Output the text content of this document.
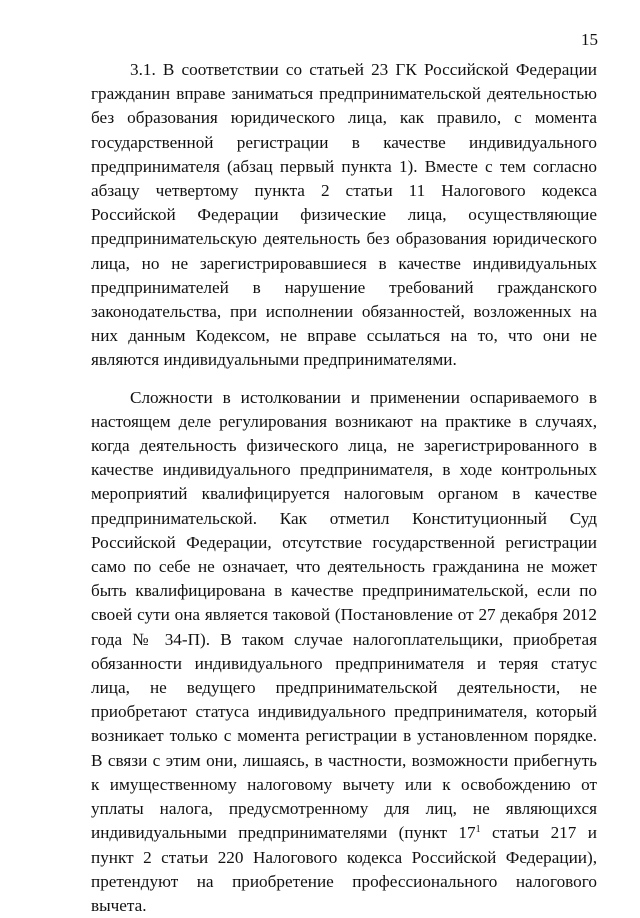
15

3.1. В соответствии со статьей 23 ГК Российской Федерации гражданин вправе заниматься предпринимательской деятельностью без образования юридического лица, как правило, с момента государственной регистрации в качестве индивидуального предпринимателя (абзац первый пункта 1). Вместе с тем согласно абзацу четвертому пункта 2 статьи 11 Налогового кодекса Российской Федерации физические лица, осуществляющие предпринимательскую деятельность без образования юридического лица, но не зарегистрировавшиеся в качестве индивидуальных предпринимателей в нарушение требований гражданского законодательства, при исполнении обязанностей, возложенных на них данным Кодексом, не вправе ссылаться на то, что они не являются индивидуальными предпринимателями.

Сложности в истолковании и применении оспариваемого в настоящем деле регулирования возникают на практике в случаях, когда деятельность физического лица, не зарегистрированного в качестве индивидуального предпринимателя, в ходе контрольных мероприятий квалифицируется налоговым органом в качестве предпринимательской. Как отметил Конституционный Суд Российской Федерации, отсутствие государственной регистрации само по себе не означает, что деятельность гражданина не может быть квалифицирована в качестве предпринимательской, если по своей сути она является таковой (Постановление от 27 декабря 2012 года № 34-П). В таком случае налогоплательщики, приобретая обязанности индивидуального предпринимателя и теряя статус лица, не ведущего предпринимательской деятельности, не приобретают статуса индивидуального предпринимателя, который возникает только с момента регистрации в установленном порядке. В связи с этим они, лишаясь, в частности, возможности прибегнуть к имущественному налоговому вычету или к освобождению от уплаты налога, предусмотренному для лиц, не являющихся индивидуальными предпринимателями (пункт $17^1$ статьи 217 и пункт 2 статьи 220 Налогового кодекса Российской Федерации), претендуют на приобретение профессионального налогового вычета.
